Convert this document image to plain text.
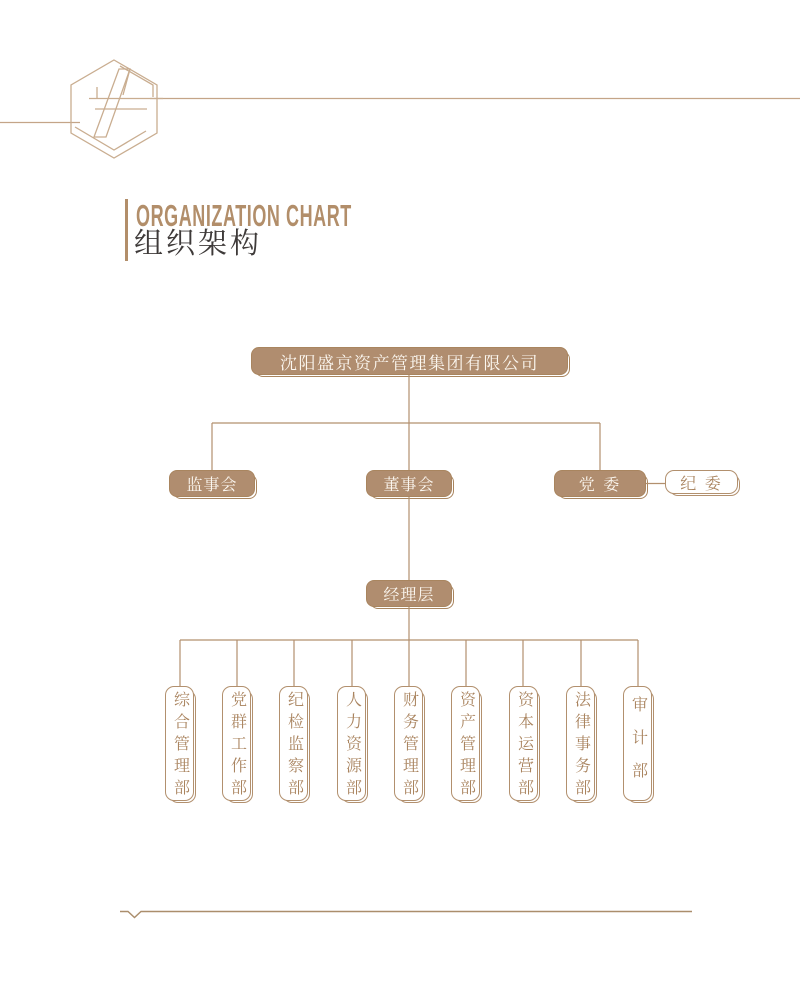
ORGANIZATION CHART
组织架构
沈阳盛京资产管理集团有限公司
监事会	董事会	党 委	纪 委
经理层
综合管理部	党群工作部	纪检监察部	人力资源部	财务管理部	资产管理部	资本运营部	法律事务部	审计部
